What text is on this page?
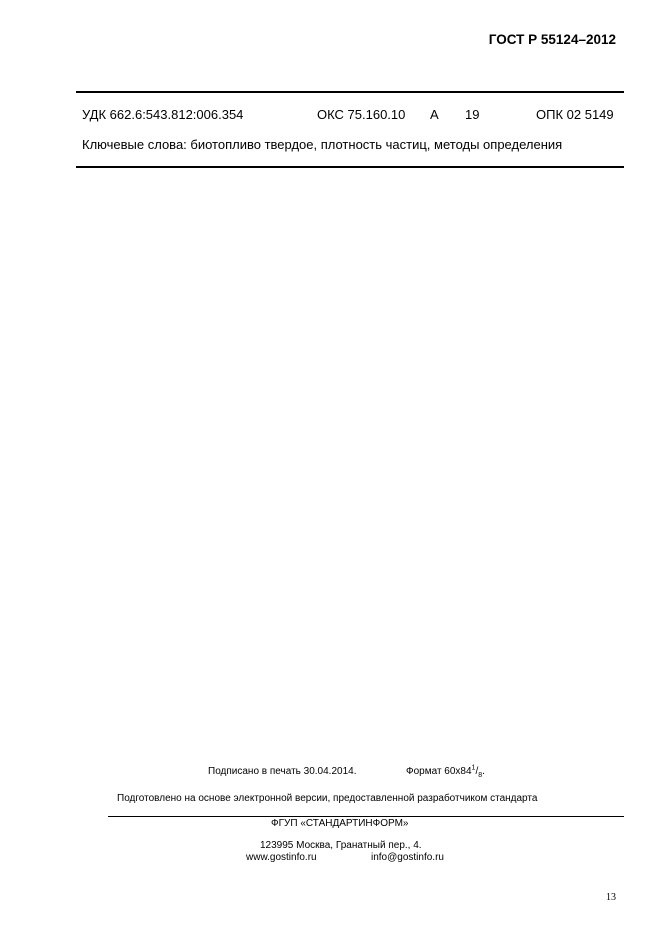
ГОСТ Р 55124–2012
УДК 662.6:543.812:006.354	ОКС 75.160.10 А 19	ОПК 02 5149
Ключевые слова: биотопливо твердое, плотность частиц, методы определения
Подписано в печать 30.04.2014.	Формат $60x84^1/_8$.
Подготовлено на основе электронной версии, предоставленной разработчиком стандарта
ФГУП «СТАНДАРТИНФОРМ»
123995 Москва, Гранатный пер., 4.
www.gostinfo.ru	info@gostinfo.ru
13
